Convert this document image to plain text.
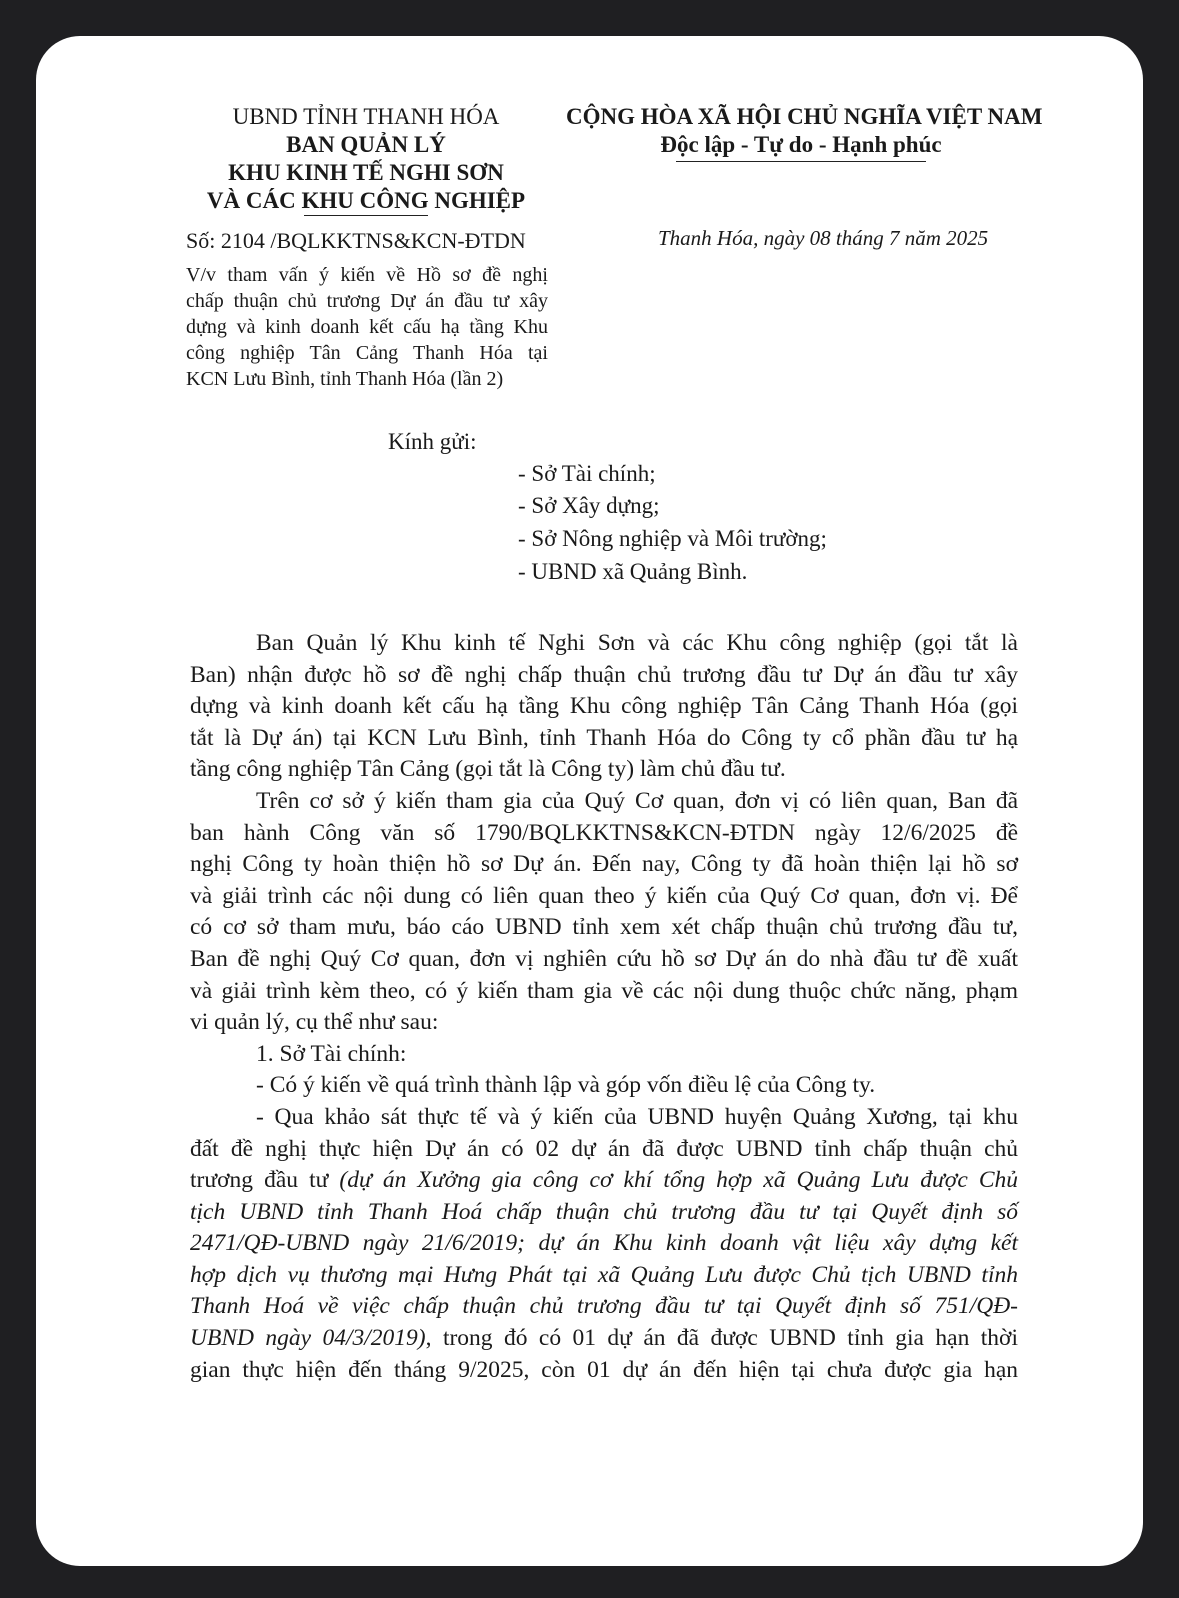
UBND TỈNH THANH HÓA
BAN QUẢN LÝ
KHU KINH TẾ NGHI SƠN
VÀ CÁC KHU CÔNG NGHIỆP
Số: 2104 /BQLKKTNS&KCN-ĐTDN
V/v tham vấn ý kiến về Hồ sơ đề nghị
chấp thuận chủ trương Dự án đầu tư xây
dựng và kinh doanh kết cấu hạ tầng Khu
công nghiệp Tân Cảng Thanh Hóa tại
KCN Lưu Bình, tỉnh Thanh Hóa (lần 2)
CỘNG HÒA XÃ HỘI CHỦ NGHĨA VIỆT NAM
Độc lập - Tự do - Hạnh phúc
Thanh Hóa, ngày 08 tháng 7 năm 2025
Kính gửi:
- Sở Tài chính;
- Sở Xây dựng;
- Sở Nông nghiệp và Môi trường;
- UBND xã Quảng Bình.

Ban Quản lý Khu kinh tế Nghi Sơn và các Khu công nghiệp (gọi tắt là
Ban) nhận được hồ sơ đề nghị chấp thuận chủ trương đầu tư Dự án đầu tư xây
dựng và kinh doanh kết cấu hạ tầng Khu công nghiệp Tân Cảng Thanh Hóa (gọi
tắt là Dự án) tại KCN Lưu Bình, tỉnh Thanh Hóa do Công ty cổ phần đầu tư hạ
tầng công nghiệp Tân Cảng (gọi tắt là Công ty) làm chủ đầu tư.

Trên cơ sở ý kiến tham gia của Quý Cơ quan, đơn vị có liên quan, Ban đã
ban hành Công văn số 1790/BQLKKTNS&KCN-ĐTDN ngày 12/6/2025 đề
nghị Công ty hoàn thiện hồ sơ Dự án. Đến nay, Công ty đã hoàn thiện lại hồ sơ
và giải trình các nội dung có liên quan theo ý kiến của Quý Cơ quan, đơn vị. Để
có cơ sở tham mưu, báo cáo UBND tỉnh xem xét chấp thuận chủ trương đầu tư,
Ban đề nghị Quý Cơ quan, đơn vị nghiên cứu hồ sơ Dự án do nhà đầu tư đề xuất
và giải trình kèm theo, có ý kiến tham gia về các nội dung thuộc chức năng, phạm
vi quản lý, cụ thể như sau:

1. Sở Tài chính:

- Có ý kiến về quá trình thành lập và góp vốn điều lệ của Công ty.

- Qua khảo sát thực tế và ý kiến của UBND huyện Quảng Xương, tại khu
đất đề nghị thực hiện Dự án có 02 dự án đã được UBND tỉnh chấp thuận chủ
trương đầu tư (dự án Xưởng gia công cơ khí tổng hợp xã Quảng Lưu được Chủ
tịch UBND tỉnh Thanh Hoá chấp thuận chủ trương đầu tư tại Quyết định số
2471/QĐ-UBND ngày 21/6/2019; dự án Khu kinh doanh vật liệu xây dựng kết
hợp dịch vụ thương mại Hưng Phát tại xã Quảng Lưu được Chủ tịch UBND tỉnh
Thanh Hoá về việc chấp thuận chủ trương đầu tư tại Quyết định số 751/QĐ-
UBND ngày 04/3/2019), trong đó có 01 dự án đã được UBND tỉnh gia hạn thời
gian thực hiện đến tháng 9/2025, còn 01 dự án đến hiện tại chưa được gia hạn
